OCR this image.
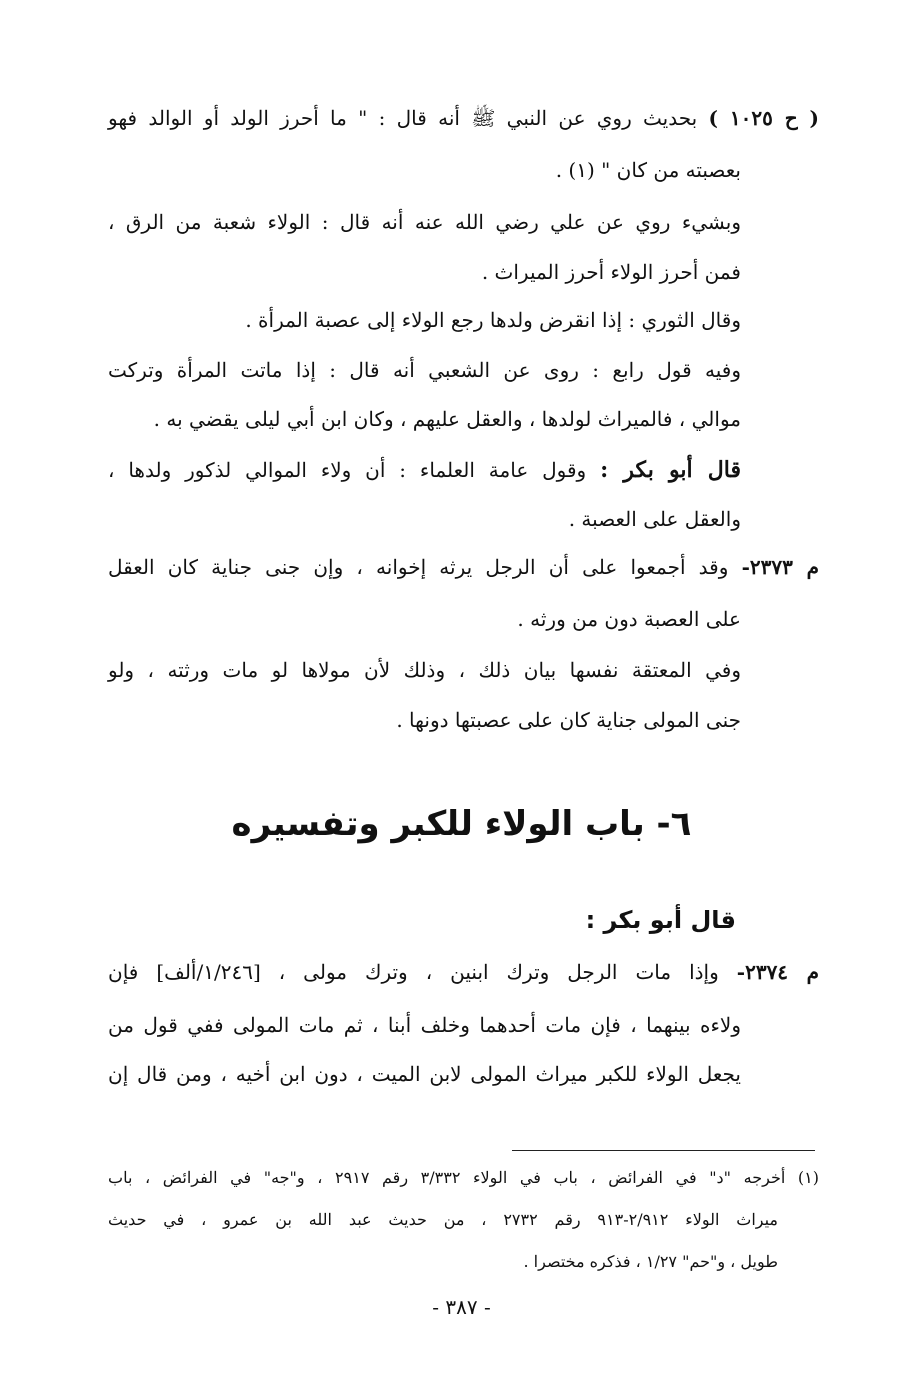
( ح ١٠٢٥ ) بحديث روي عن النبي ﷺ أنه قال : " ما أحرز الولد أو الوالد فهو
بعصبته من كان " (١) .
وبشيء روي عن علي رضي الله عنه أنه قال : الولاء شعبة من الرق ،
فمن أحرز الولاء أحرز الميراث .
وقال الثوري : إذا انقرض ولدها رجع الولاء إلى عصبة المرأة .
وفيه قول رابع : روى عن الشعبي أنه قال : إذا ماتت المرأة وتركت
موالي ، فالميراث لولدها ، والعقل عليهم ، وكان ابن أبي ليلى يقضي به .
قال أبو بكر : وقول عامة العلماء : أن ولاء الموالي لذكور ولدها ،
والعقل على العصبة .
م ٢٣٧٣- وقد أجمعوا على أن الرجل يرثه إخوانه ، وإن جنى جناية كان العقل
على العصبة دون من ورثه .
وفي المعتقة نفسها بيان ذلك ، وذلك لأن مولاها لو مات ورثته ، ولو
جنى المولى جناية كان على عصبتها دونها .
٦- باب الولاء للكبر وتفسيره
قال أبو بكر :
م ٢٣٧٤- وإذا مات الرجل وترك ابنين ، وترك مولى ، [١/٢٤٦/ألف] فإن
ولاءه بينهما ، فإن مات أحدهما وخلف أبنا ، ثم مات المولى ففي قول من
يجعل الولاء للكبر ميراث المولى لابن الميت ، دون ابن أخيه ، ومن قال إن
(١) أخرجه "د" في الفرائض ، باب في الولاء ٣/٣٣٢ رقم ٢٩١٧ ، و"جه" في الفرائض ، باب
ميراث الولاء ٢/٩١٢-٩١٣ رقم ٢٧٣٢ ، من حديث عبد الله بن عمرو ، في حديث
طويل ، و"حم" ١/٢٧ ، فذكره مختصرا .
- ٣٨٧ -
